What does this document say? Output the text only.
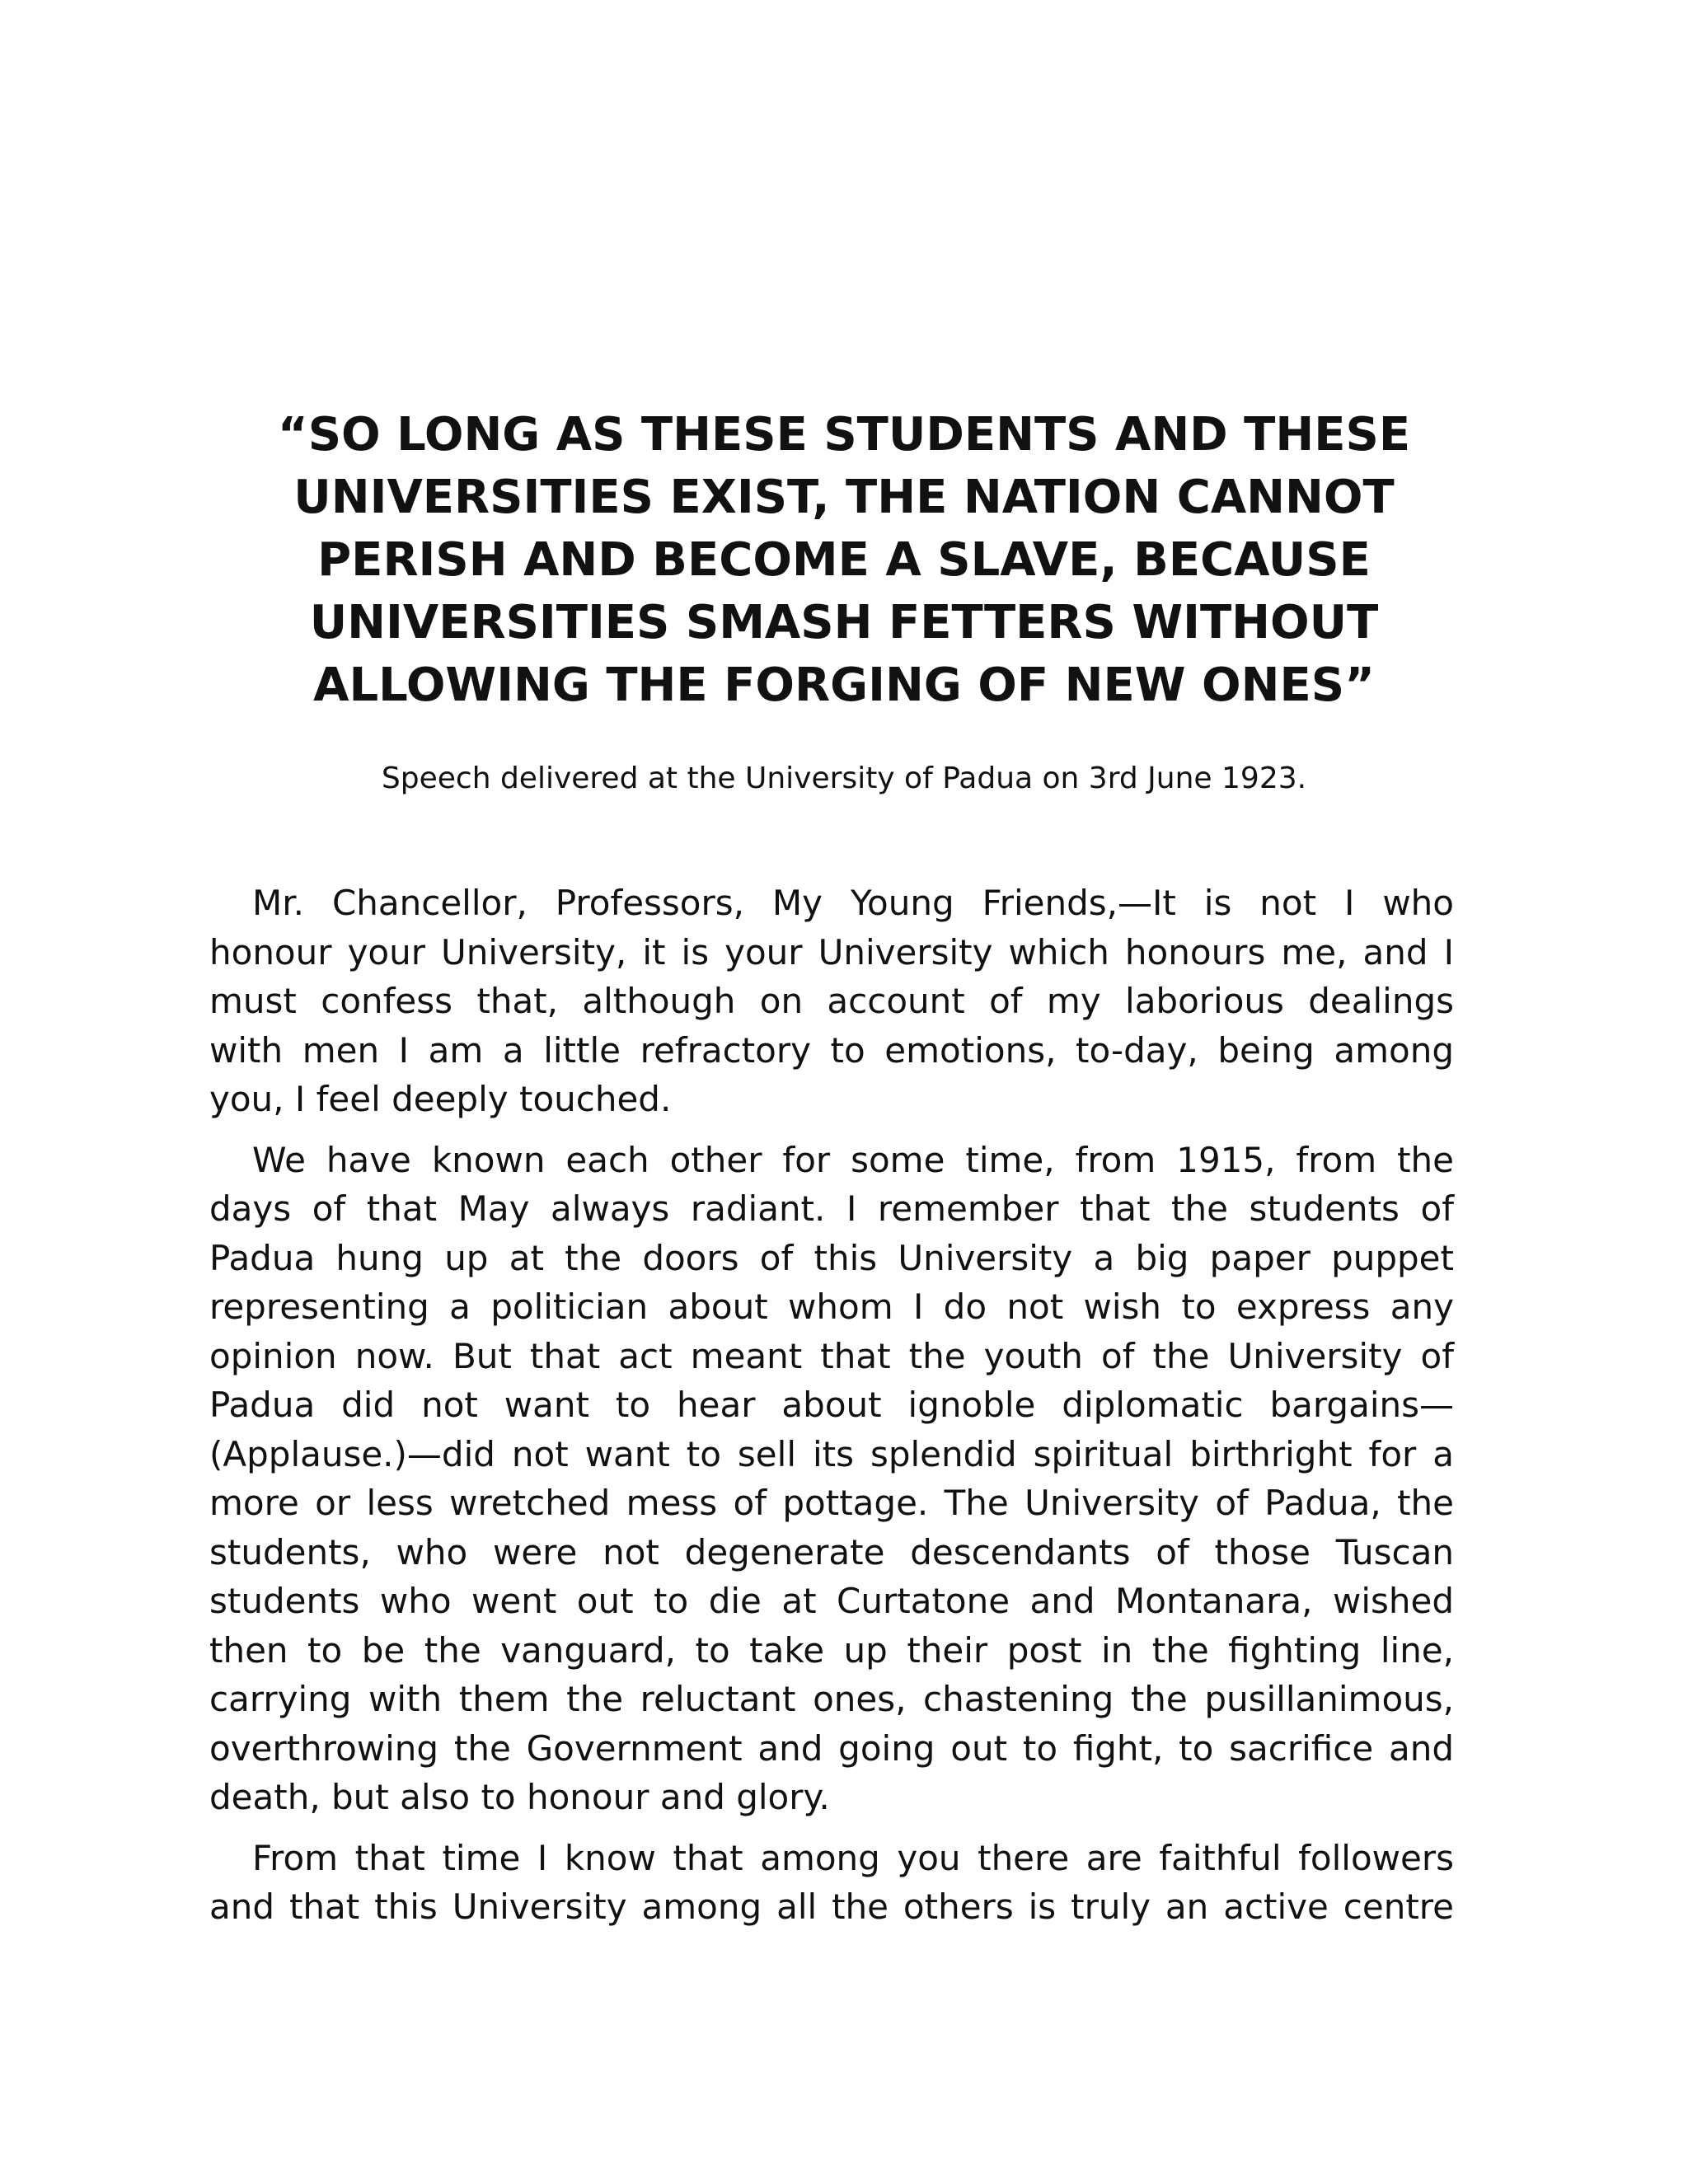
“SO LONG AS THESE STUDENTS AND THESE
UNIVERSITIES EXIST, THE NATION CANNOT
PERISH AND BECOME A SLAVE, BECAUSE
UNIVERSITIES SMASH FETTERS WITHOUT
ALLOWING THE FORGING OF NEW ONES”

Speech delivered at the University of Padua on 3rd June 1923.

Mr. Chancellor, Professors, My Young Friends,—It is not I who
honour your University, it is your University which honours me, and I
must confess that, although on account of my laborious dealings
with men I am a little refractory to emotions, to-day, being among
you, I feel deeply touched.

We have known each other for some time, from 1915, from the
days of that May always radiant. I remember that the students of
Padua hung up at the doors of this University a big paper puppet
representing a politician about whom I do not wish to express any
opinion now. But that act meant that the youth of the University of
Padua did not want to hear about ignoble diplomatic bargains—
(Applause.)—did not want to sell its splendid spiritual birthright for a
more or less wretched mess of pottage. The University of Padua, the
students, who were not degenerate descendants of those Tuscan
students who went out to die at Curtatone and Montanara, wished
then to be the vanguard, to take up their post in the fighting line,
carrying with them the reluctant ones, chastening the pusillanimous,
overthrowing the Government and going out to fight, to sacrifice and
death, but also to honour and glory.

From that time I know that among you there are faithful followers
and that this University among all the others is truly an active centre
